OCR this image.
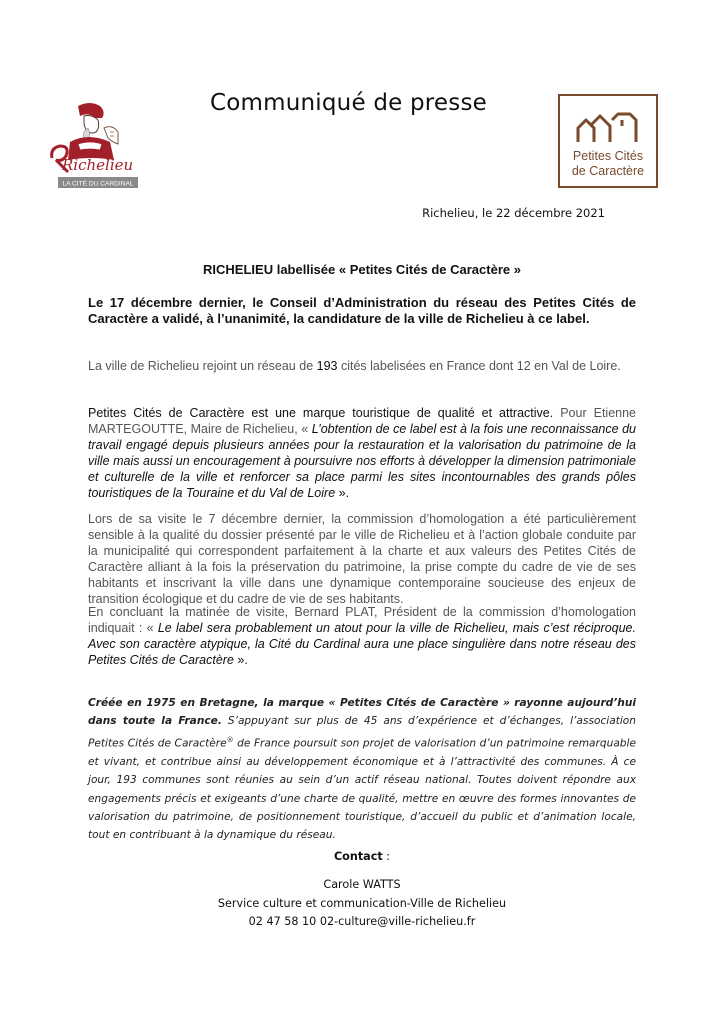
Communiqué de presse
Richelieu
LA CITÉ DU CARDINAL
Petites Cités
de Caractère
Richelieu, le 22 décembre 2021
RICHELIEU labellisée « Petites Cités de Caractère »
Le 17 décembre dernier, le Conseil d’Administration du réseau des Petites Cités de Caractère a validé, à l’unanimité, la candidature de la ville de Richelieu à ce label.
La ville de Richelieu rejoint un réseau de 193 cités labelisées en France dont 12 en Val de Loire.
Petites Cités de Caractère est une marque touristique de qualité et attractive. Pour Etienne MARTEGOUTTE, Maire de Richelieu, « L’obtention de ce label est à la fois une reconnaissance du travail engagé depuis plusieurs années pour la restauration et la valorisation du patrimoine de la ville mais aussi un encouragement à poursuivre nos efforts à développer la dimension patrimoniale et culturelle de la ville et renforcer sa place parmi les sites incontournables des grands pôles touristiques de la Touraine et du Val de Loire ».
Lors de sa visite le 7 décembre dernier, la commission d’homologation a été particulièrement sensible à la qualité du dossier présenté par le ville de Richelieu et à l’action globale conduite par la municipalité qui correspondent parfaitement à la charte et aux valeurs des Petites Cités de Caractère alliant à la fois la préservation du patrimoine, la prise compte du cadre de vie de ses habitants et inscrivant la ville dans une dynamique contemporaine soucieuse des enjeux de transition écologique et du cadre de vie de ses habitants.
En concluant la matinée de visite, Bernard PLAT, Président de la commission d’homologation indiquait : « Le label sera probablement un atout pour la ville de Richelieu, mais c’est réciproque. Avec son caractère atypique, la Cité du Cardinal aura une place singulière dans notre réseau des Petites Cités de Caractère ».
Créée en 1975 en Bretagne, la marque « Petites Cités de Caractère » rayonne aujourd’hui dans toute la France. S’appuyant sur plus de 45 ans d’expérience et d’échanges, l’association Petites Cités de Caractère® de France poursuit son projet de valorisation d’un patrimoine remarquable et vivant, et contribue ainsi au développement économique et à l’attractivité des communes. À ce jour, 193 communes sont réunies au sein d’un actif réseau national. Toutes doivent répondre aux engagements précis et exigeants d’une charte de qualité, mettre en œuvre des formes innovantes de valorisation du patrimoine, de positionnement touristique, d’accueil du public et d’animation locale, tout en contribuant à la dynamique du réseau.
Contact :
Carole WATTS
Service culture et communication-Ville de Richelieu
02 47 58 10 02-culture@ville-richelieu.fr
